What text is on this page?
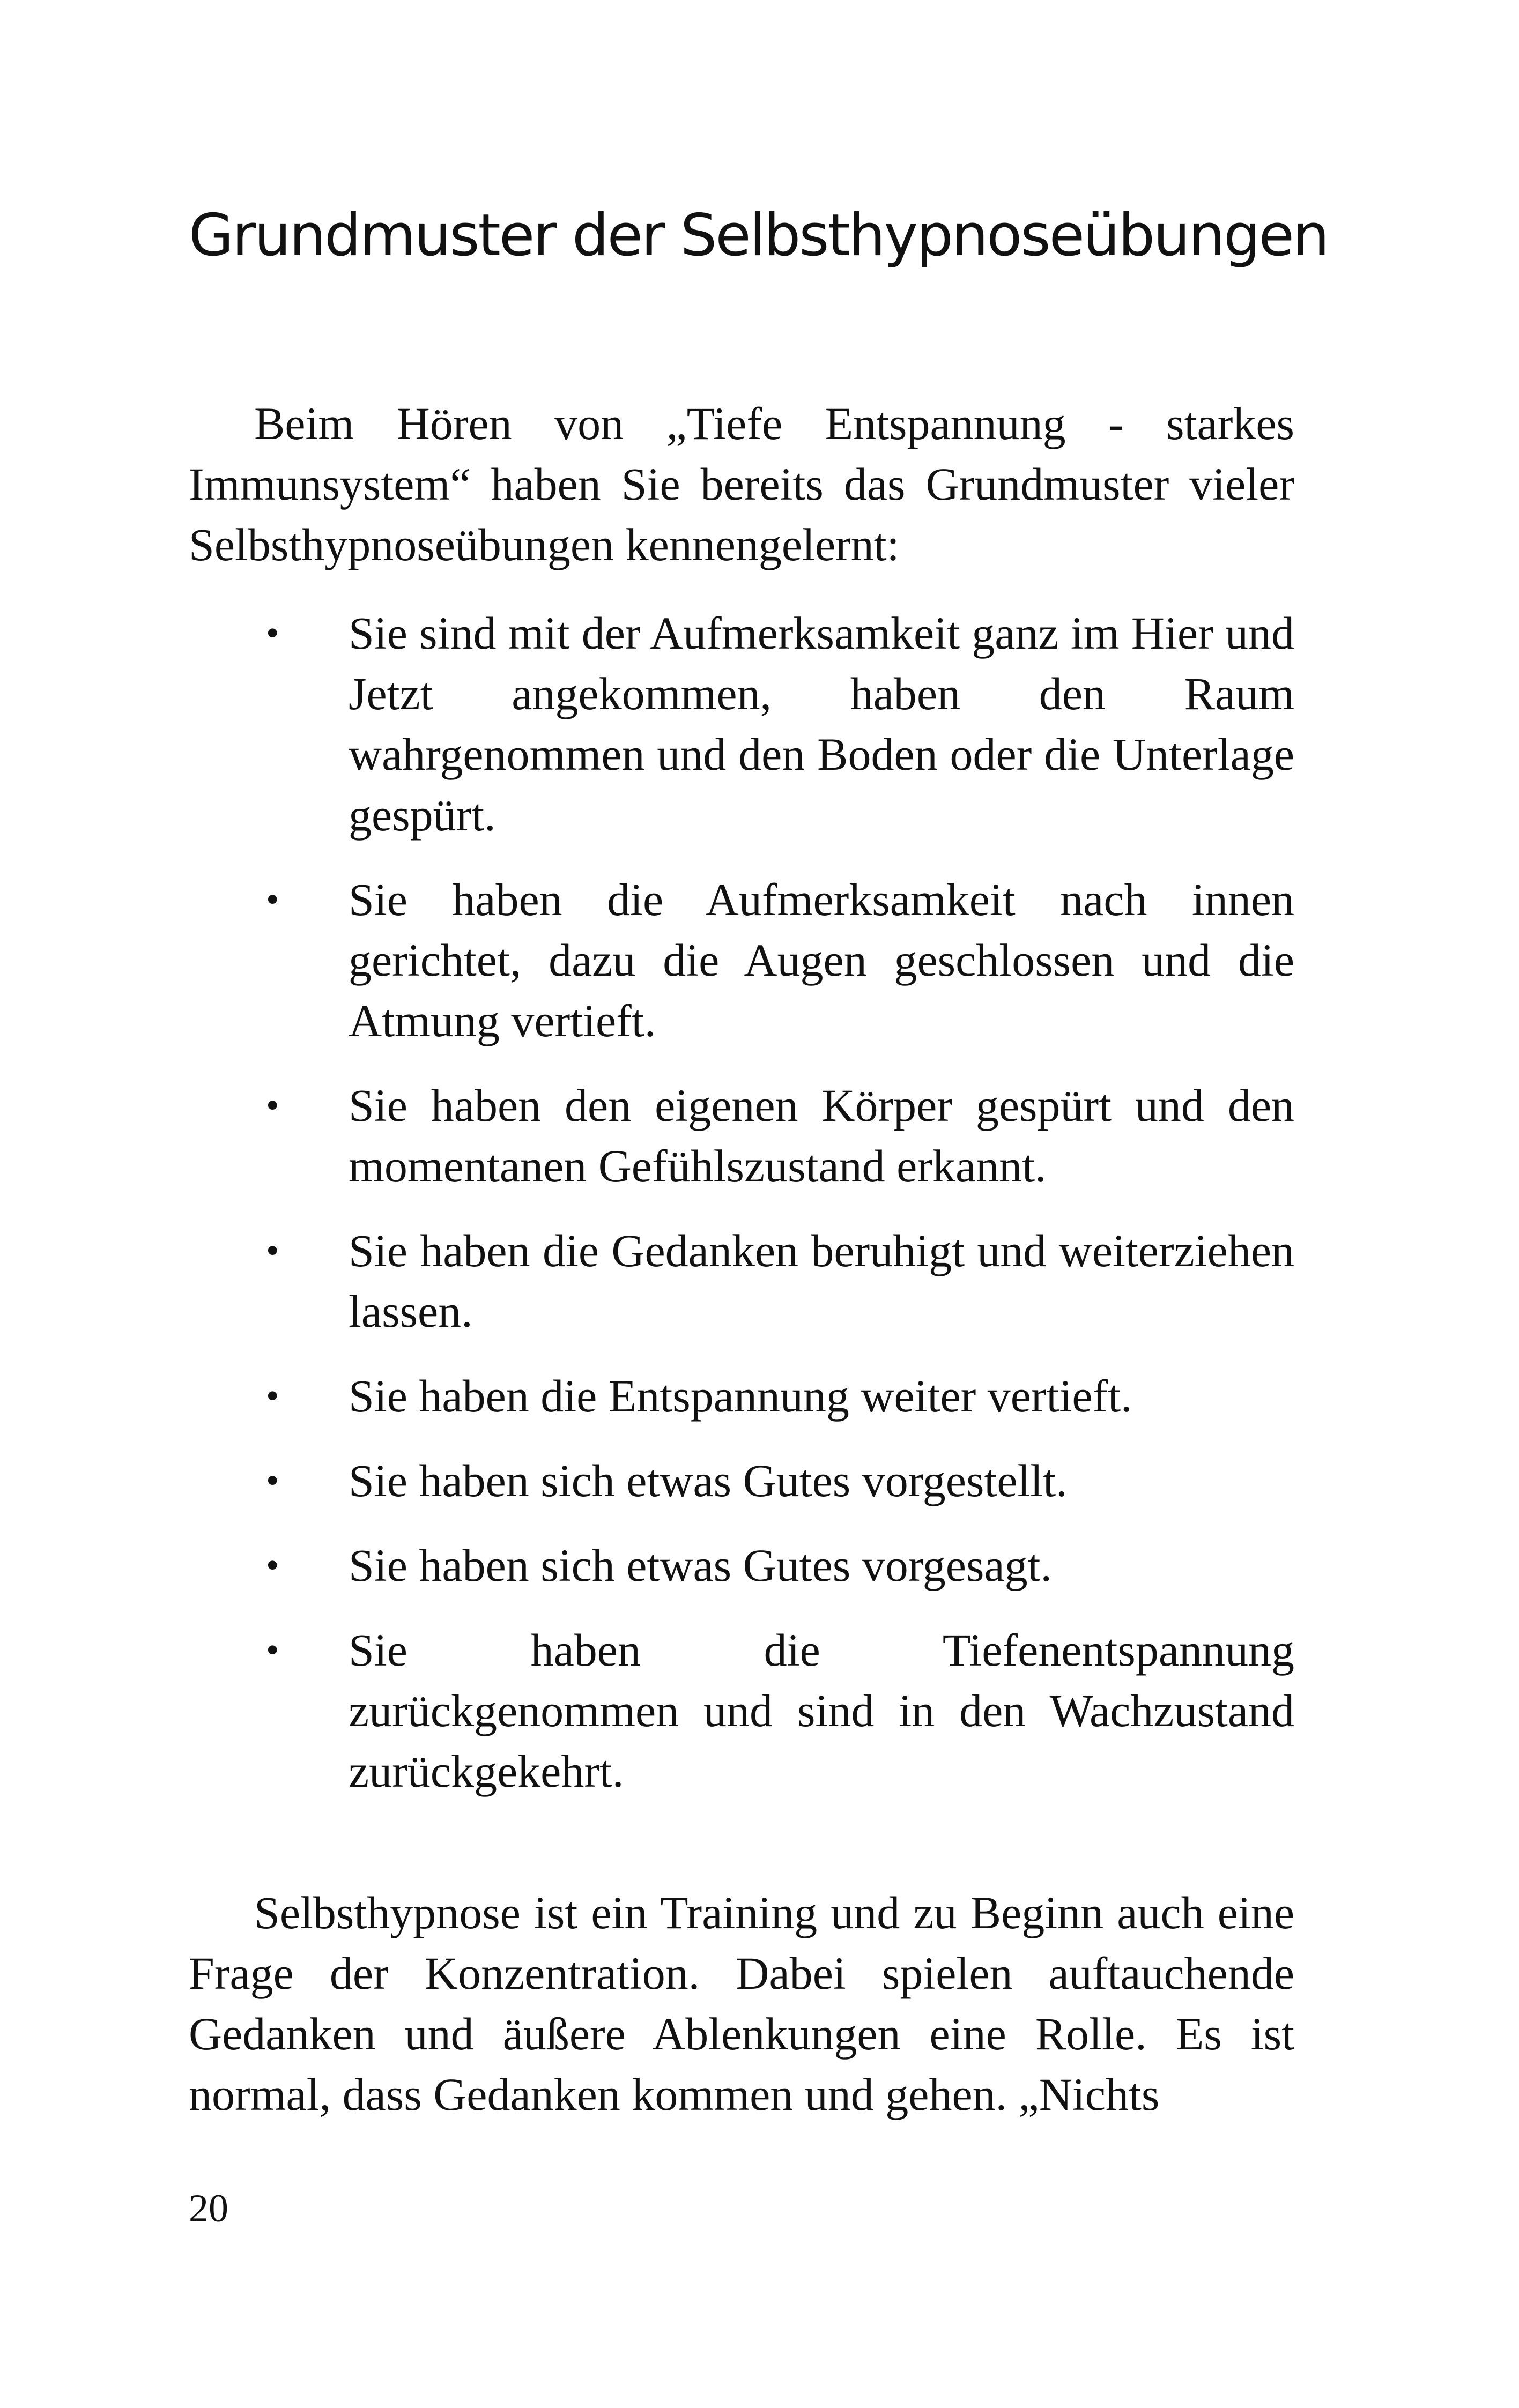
Grundmuster der Selbsthypnoseübungen

Beim Hören von „Tiefe Entspannung - starkes Immunsystem“ haben Sie bereits das Grundmuster vieler Selbsthypnoseübungen kennengelernt:

• Sie sind mit der Aufmerksamkeit ganz im Hier und Jetzt angekommen, haben den Raum wahrgenommen und den Boden oder die Unterlage gespürt.
• Sie haben die Aufmerksamkeit nach innen gerichtet, dazu die Augen geschlossen und die Atmung vertieft.
• Sie haben den eigenen Körper gespürt und den momentanen Gefühlszustand erkannt.
• Sie haben die Gedanken beruhigt und weiterziehen lassen.
• Sie haben die Entspannung weiter vertieft.
• Sie haben sich etwas Gutes vorgestellt.
• Sie haben sich etwas Gutes vorgesagt.
• Sie haben die Tiefenentspannung zurückgenommen und sind in den Wachzustand zurückgekehrt.

Selbsthypnose ist ein Training und zu Beginn auch eine Frage der Konzentration. Dabei spielen auftauchende Gedanken und äußere Ablenkungen eine Rolle. Es ist normal, dass Gedanken kommen und gehen. „Nichts

20
